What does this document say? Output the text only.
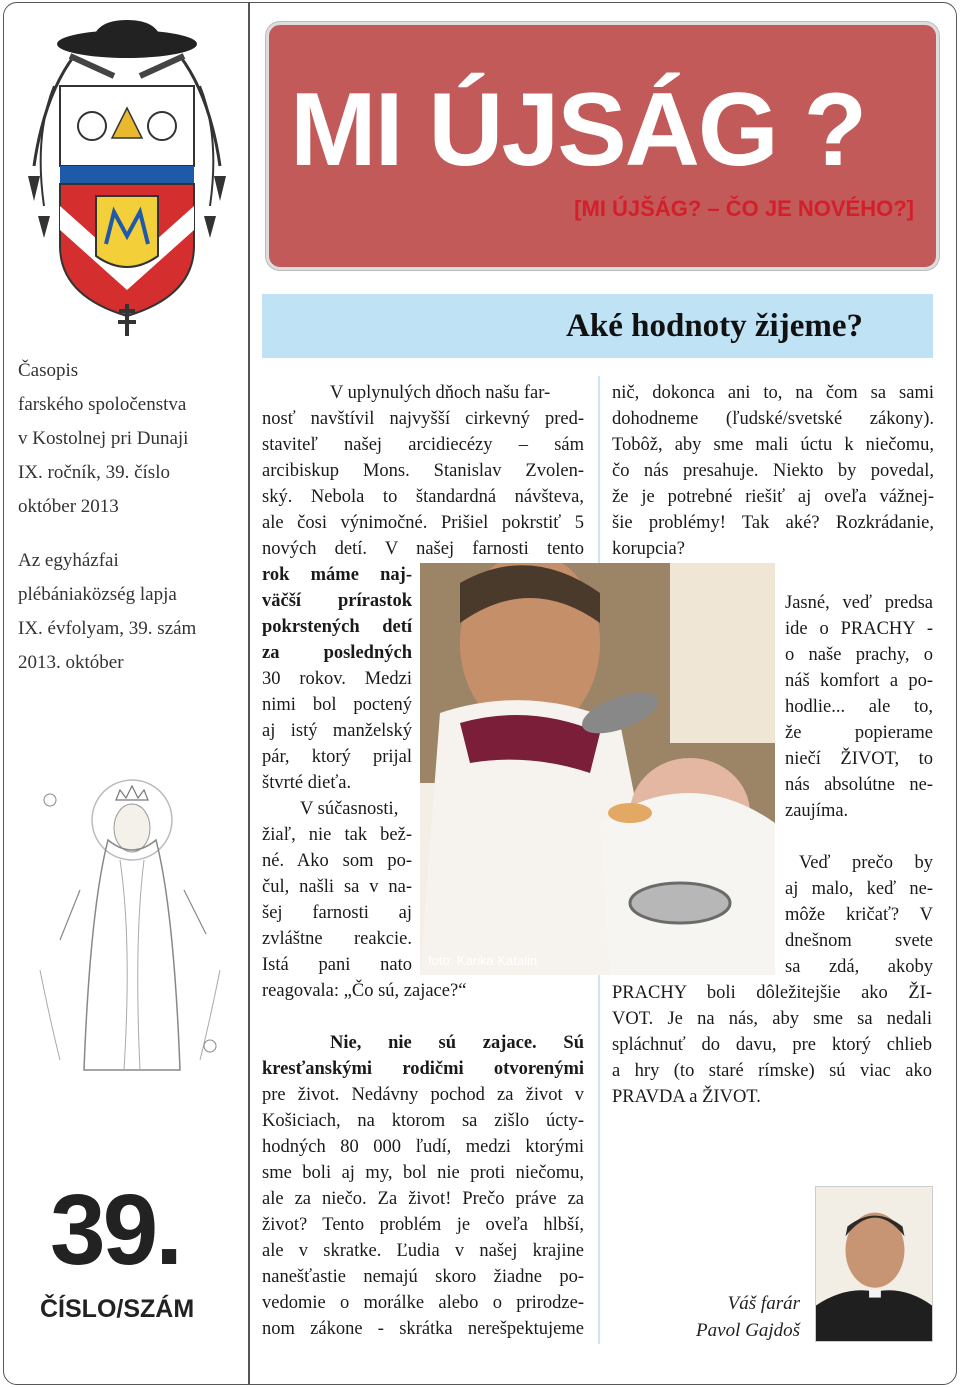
MI ÚJSÁG ?
[MI ÚJŠÁG? – ČO JE NOVÉHO?]

Časopis

farského spoločenstva

v Kostolnej pri Dunaji

IX. ročník, 39. číslo

október 2013

Az egyházfai

plébániaközség lapja

IX. évfolyam, 39. szám

2013. október

39.
ČÍSLO/SZÁM
Aké hodnoty žijeme?
V uplynulých dňoch našu far-
nosť navštívil najvyšší cirkevný pred-
staviteľ našej arcidiecézy – sám
arcibiskup Mons. Stanislav Zvolen-
ský. Nebola to štandardná návšteva,
ale čosi výnimočné. Prišiel pokrstiť 5
nových detí. V našej farnosti tento
rok máme naj-
väčší prírastok
pokrstených detí
za posledných
30 rokov. Medzi
nimi bol poctený
aj istý manželský
pár, ktorý prijal
štvrté dieťa.
V súčasnosti,
žiaľ, nie tak bež-
né. Ako som po-
čul, našli sa v na-
šej farnosti aj
zvláštne reakcie.
Istá pani nato
reagovala: „Čo sú, zajace?“
foto: Karika Katalin
Nie, nie sú zajace. Sú
kresťanskými rodičmi otvorenými
pre život. Nedávny pochod za život v
Košiciach, na ktorom sa zišlo úcty-
hodných 80 000 ľudí, medzi ktorými
sme boli aj my, bol nie proti niečomu,
ale za niečo. Za život! Prečo práve za
život? Tento problém je oveľa hlbší,
ale v skratke. Ľudia v našej krajine
nanešťastie nemajú skoro žiadne po-
vedomie o morálke alebo o prirodze-
nom zákone - skrátka nerešpektujeme
nič, dokonca ani to, na čom sa sami
dohodneme (ľudské/svetské zákony).
Tobôž, aby sme mali úctu k niečomu,
čo nás presahuje. Niekto by povedal,
že je potrebné riešiť aj oveľa vážnej-
šie problémy! Tak aké? Rozkrádanie,
korupcia?
Jasné, veď predsa
ide o PRACHY -
o naše prachy, o
náš komfort a po-
hodlie... ale to,
že popierame
niečí ŽIVOT, to
nás absolútne ne-
zaujíma.
Veď prečo by
aj malo, keď ne-
môže kričať? V
dnešnom svete
sa zdá, akoby
PRACHY boli dôležitejšie ako ŽI-
VOT. Je na nás, aby sme sa nedali
spláchnuť do davu, pre ktorý chlieb
a hry (to staré rímske) sú viac ako
PRAVDA a ŽIVOT.
Váš farár
Pavol Gajdoš
